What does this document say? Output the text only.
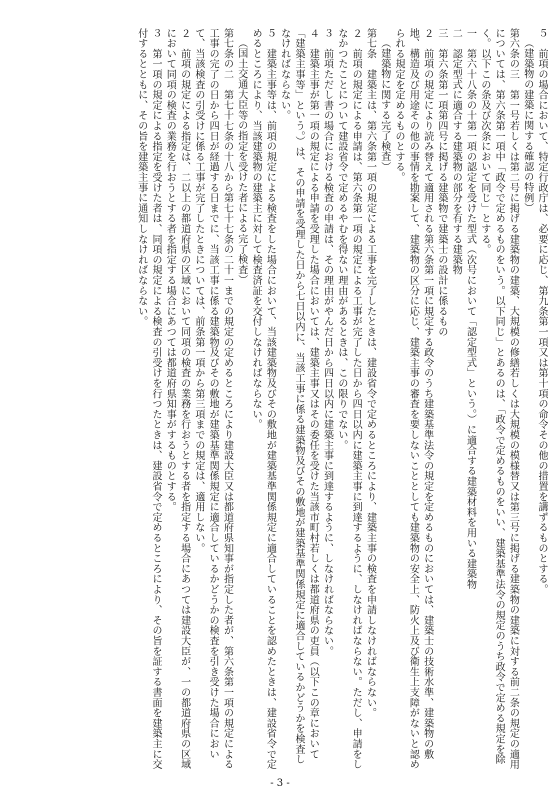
５　前項の場合において、特定行政庁は、必要に応じ、第九条第一項又は第十項の命令その他の措置を講ずるものとする。

（建築物の建築に関する確認の特例）

第六条の三　第一号若しくは第二号に掲げる建築物の建築、大規模の修繕若しくは大規模の模様替又は第三号に掲げる建築物の建築に対する前二条の規定の適用については、第六条第一項中「政令で定めるものをいう。以下同じ」とあるのは、「政令で定めるものをいい、建築基準法令の規定のうち政令で定める規定を除く。以下この条及び次条において同じ」とする。

一　第六十八条の十第一項の認定を受けた型式（次号において「認定型式」という。）に適合する建築材料を用いる建築物

二　認定型式に適合する建築物の部分を有する建築物

三　第六条第一項第四号に掲げる建築物で建築士の設計に係るもの

２　前項の規定により読み替えて適用される第六条第一項に規定する政令のうち建築基準法令の規定を定めるものにおいては、建築士の技術水準、建築物の敷地、構造及び用途その他の事情を勘案して、建築物の区分に応じ、建築主事の審査を要しないこととしても建築物の安全上、防火上及び衛生上支障がないと認められる規定を定めるものとする。

（建築物に関する完了検査）

第七条　建築主は、第六条第一項の規定による工事を完了したときは、建設省令で定めるところにより、建築主事の検査を申請しなければならない。

２　前項の規定による申請は、第六条第一項の規定による工事が完了した日から四日以内に建築主事に到達するように、しなければならない。ただし、申請をしなかつたことについて建設省令で定めるやむを得ない理由があるときは、この限りでない。

３　前項ただし書の場合における検査の申請は、その理由がやんだ日から四日以内に建築主事に到達するように、しなければならない。

４　建築主事が第一項の規定による申請を受理した場合においては、建築主事又はその委任を受けた当該市町村若しくは都道府県の吏員（以下この章において「建築主事等」という。）は、その申請を受理した日から七日以内に、当該工事に係る建築物及びその敷地が建築基準関係規定に適合しているかどうかを検査しなければならない。

５　建築主事等は、前項の規定による検査をした場合において、当該建築物及びその敷地が建築基準関係規定に適合していることを認めたときは、建設省令で定めるところにより、当該建築物の建築主に対して検査済証を交付しなければならない。

（国土交通大臣等の指定を受けた者による完了検査）

第七条の二　第七十七条の十八から第七十七条の二十一までの規定の定めるところにより建設大臣又は都道府県知事が指定した者が、第六条第一項の規定による工事の完了の日から四日が経過する日までに、当該工事に係る建築物及びその敷地が建築基準関係規定に適合しているかどうかの検査を引き受けた場合において、当該検査の引受けに係る工事が完了したときについては、前条第一項から第三項までの規定は、適用しない。

２　前項の規定による指定は、二以上の都道府県の区域において同項の検査の業務を行おうとする者を指定する場合にあつては建設大臣が、一の都道府県の区域において同項の検査の業務を行おうとする者を指定する場合にあつては都道府県知事がするものとする。

３　第一項の規定による指定を受けた者は、同項の規定による検査の引受けを行つたときは、建設省令で定めるところにより、その旨を証する書面を建築主に交付するとともに、その旨を建築主事に通知しなければならない。

- 3 -
